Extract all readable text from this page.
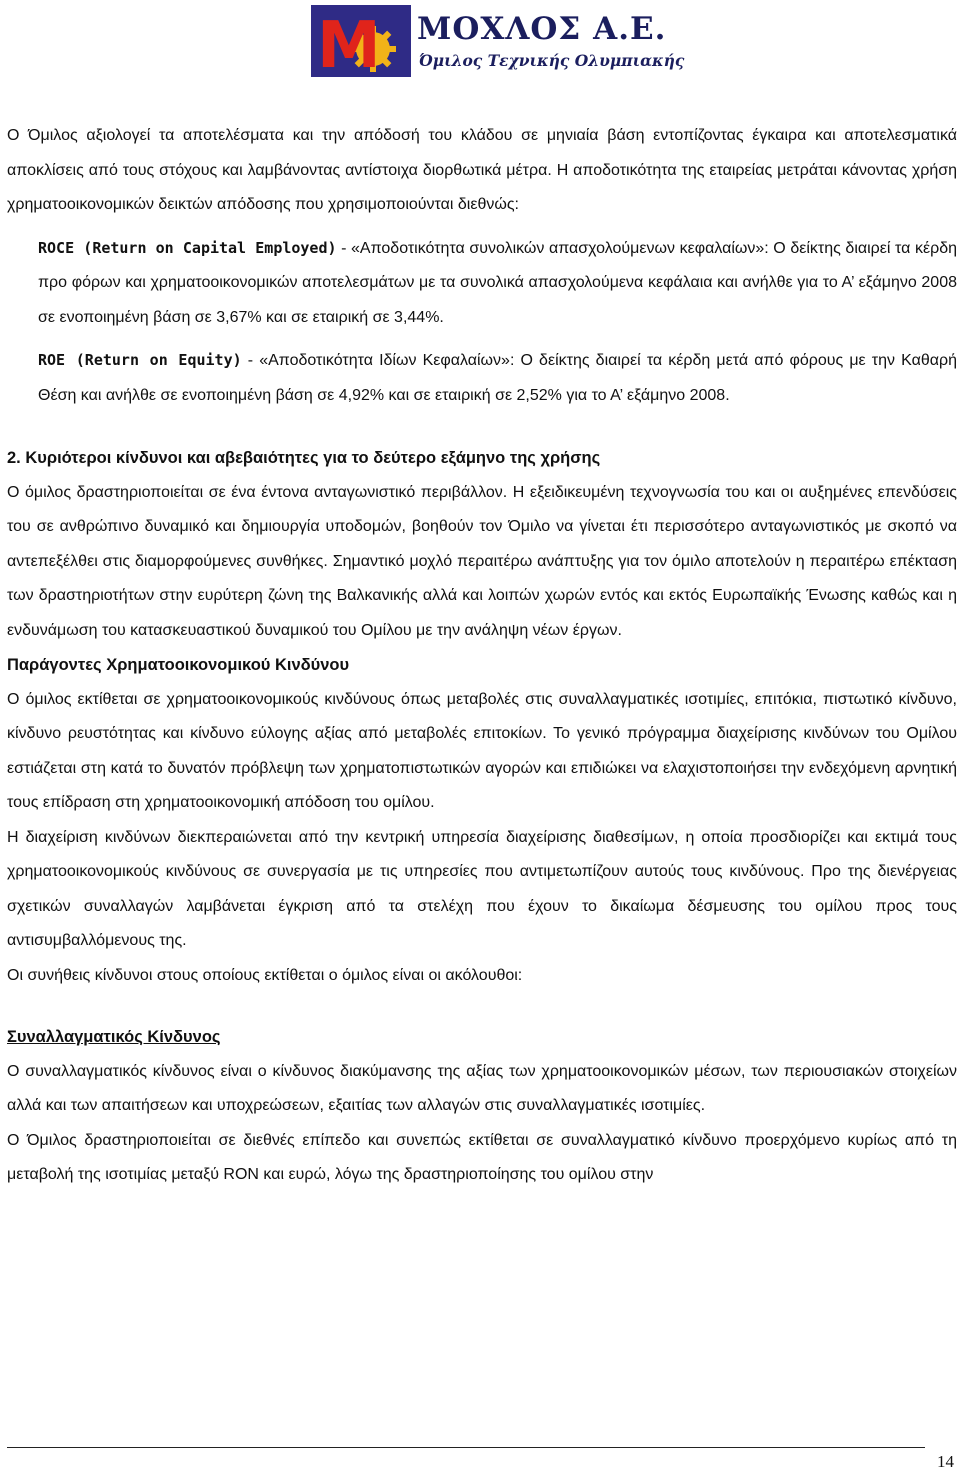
M ΜΟΧΛΟΣ Α.Ε.
Όμιλος Τεχνικής Ολυμπιακής

Ο Όμιλος αξιολογεί τα αποτελέσματα και την απόδοσή του κλάδου σε μηνιαία βάση εντοπίζοντας έγκαιρα και αποτελεσματικά αποκλίσεις από τους στόχους και λαμβάνοντας αντίστοιχα διορθωτικά μέτρα. Η αποδοτικότητα της εταιρείας μετράται κάνοντας χρήση χρηματοοικονομικών δεικτών απόδοσης που χρησιμοποιούνται διεθνώς:

ROCE (Return on Capital Employed) - «Αποδοτικότητα συνολικών απασχολούμενων κεφαλαίων»: Ο δείκτης διαιρεί τα κέρδη προ φόρων και χρηματοοικονομικών αποτελεσμάτων με τα συνολικά απασχολούμενα κεφάλαια και ανήλθε για το Α’ εξάμηνο 2008 σε ενοποιημένη βάση σε 3,67% και σε εταιρική σε 3,44%.

ROE (Return on Equity) - «Αποδοτικότητα Ιδίων Κεφαλαίων»: Ο δείκτης διαιρεί τα κέρδη μετά από φόρους με την Καθαρή Θέση και ανήλθε σε ενοποιημένη βάση σε 4,92% και σε εταιρική σε 2,52% για το Α’ εξάμηνο 2008.

2. Κυριότεροι κίνδυνοι και αβεβαιότητες για το δεύτερο εξάμηνο της χρήσης

Ο όμιλος δραστηριοποιείται σε ένα έντονα ανταγωνιστικό περιβάλλον. Η εξειδικευμένη τεχνογνωσία του και οι αυξημένες επενδύσεις του σε ανθρώπινο δυναμικό και δημιουργία υποδομών, βοηθούν τον Όμιλο να γίνεται έτι περισσότερο ανταγωνιστικός με σκοπό να αντεπεξέλθει στις διαμορφούμενες συνθήκες. Σημαντικό μοχλό περαιτέρω ανάπτυξης για τον όμιλο αποτελούν η περαιτέρω επέκταση των δραστηριοτήτων στην ευρύτερη ζώνη της Βαλκανικής αλλά και λοιπών χωρών εντός και εκτός Ευρωπαϊκής Ένωσης καθώς και η ενδυνάμωση του κατασκευαστικού δυναμικού του Ομίλου με την ανάληψη νέων έργων.

Παράγοντες Χρηματοοικονομικού Κινδύνου

Ο όμιλος εκτίθεται σε χρηματοοικονομικούς κινδύνους όπως μεταβολές στις συναλλαγματικές ισοτιμίες, επιτόκια, πιστωτικό κίνδυνο, κίνδυνο ρευστότητας και κίνδυνο εύλογης αξίας από μεταβολές επιτοκίων. Το γενικό πρόγραμμα διαχείρισης κινδύνων του Ομίλου εστιάζεται στη κατά το δυνατόν πρόβλεψη των χρηματοπιστωτικών αγορών και επιδιώκει να ελαχιστοποιήσει την ενδεχόμενη αρνητική τους επίδραση στη χρηματοοικονομική απόδοση του ομίλου.

Η διαχείριση κινδύνων διεκπεραιώνεται από την κεντρική υπηρεσία διαχείρισης διαθεσίμων, η οποία προσδιορίζει και εκτιμά τους χρηματοοικονομικούς κινδύνους σε συνεργασία με τις υπηρεσίες που αντιμετωπίζουν αυτούς τους κινδύνους. Προ της διενέργειας σχετικών συναλλαγών λαμβάνεται έγκριση από τα στελέχη που έχουν το δικαίωμα δέσμευσης του ομίλου προς τους αντισυμβαλλόμενους της.

Οι συνήθεις κίνδυνοι στους οποίους εκτίθεται ο όμιλος είναι οι ακόλουθοι:

Συναλλαγματικός Κίνδυνος

Ο συναλλαγματικός κίνδυνος είναι ο κίνδυνος διακύμανσης της αξίας των χρηματοοικονομικών μέσων, των περιουσιακών στοιχείων αλλά και των απαιτήσεων και υποχρεώσεων, εξαιτίας των αλλαγών στις συναλλαγματικές ισοτιμίες.

Ο Όμιλος δραστηριοποιείται σε διεθνές επίπεδο και συνεπώς εκτίθεται σε συναλλαγματικό κίνδυνο προερχόμενο κυρίως από τη μεταβολή της ισοτιμίας μεταξύ RON και ευρώ, λόγω της δραστηριοποίησης του ομίλου στην

14
